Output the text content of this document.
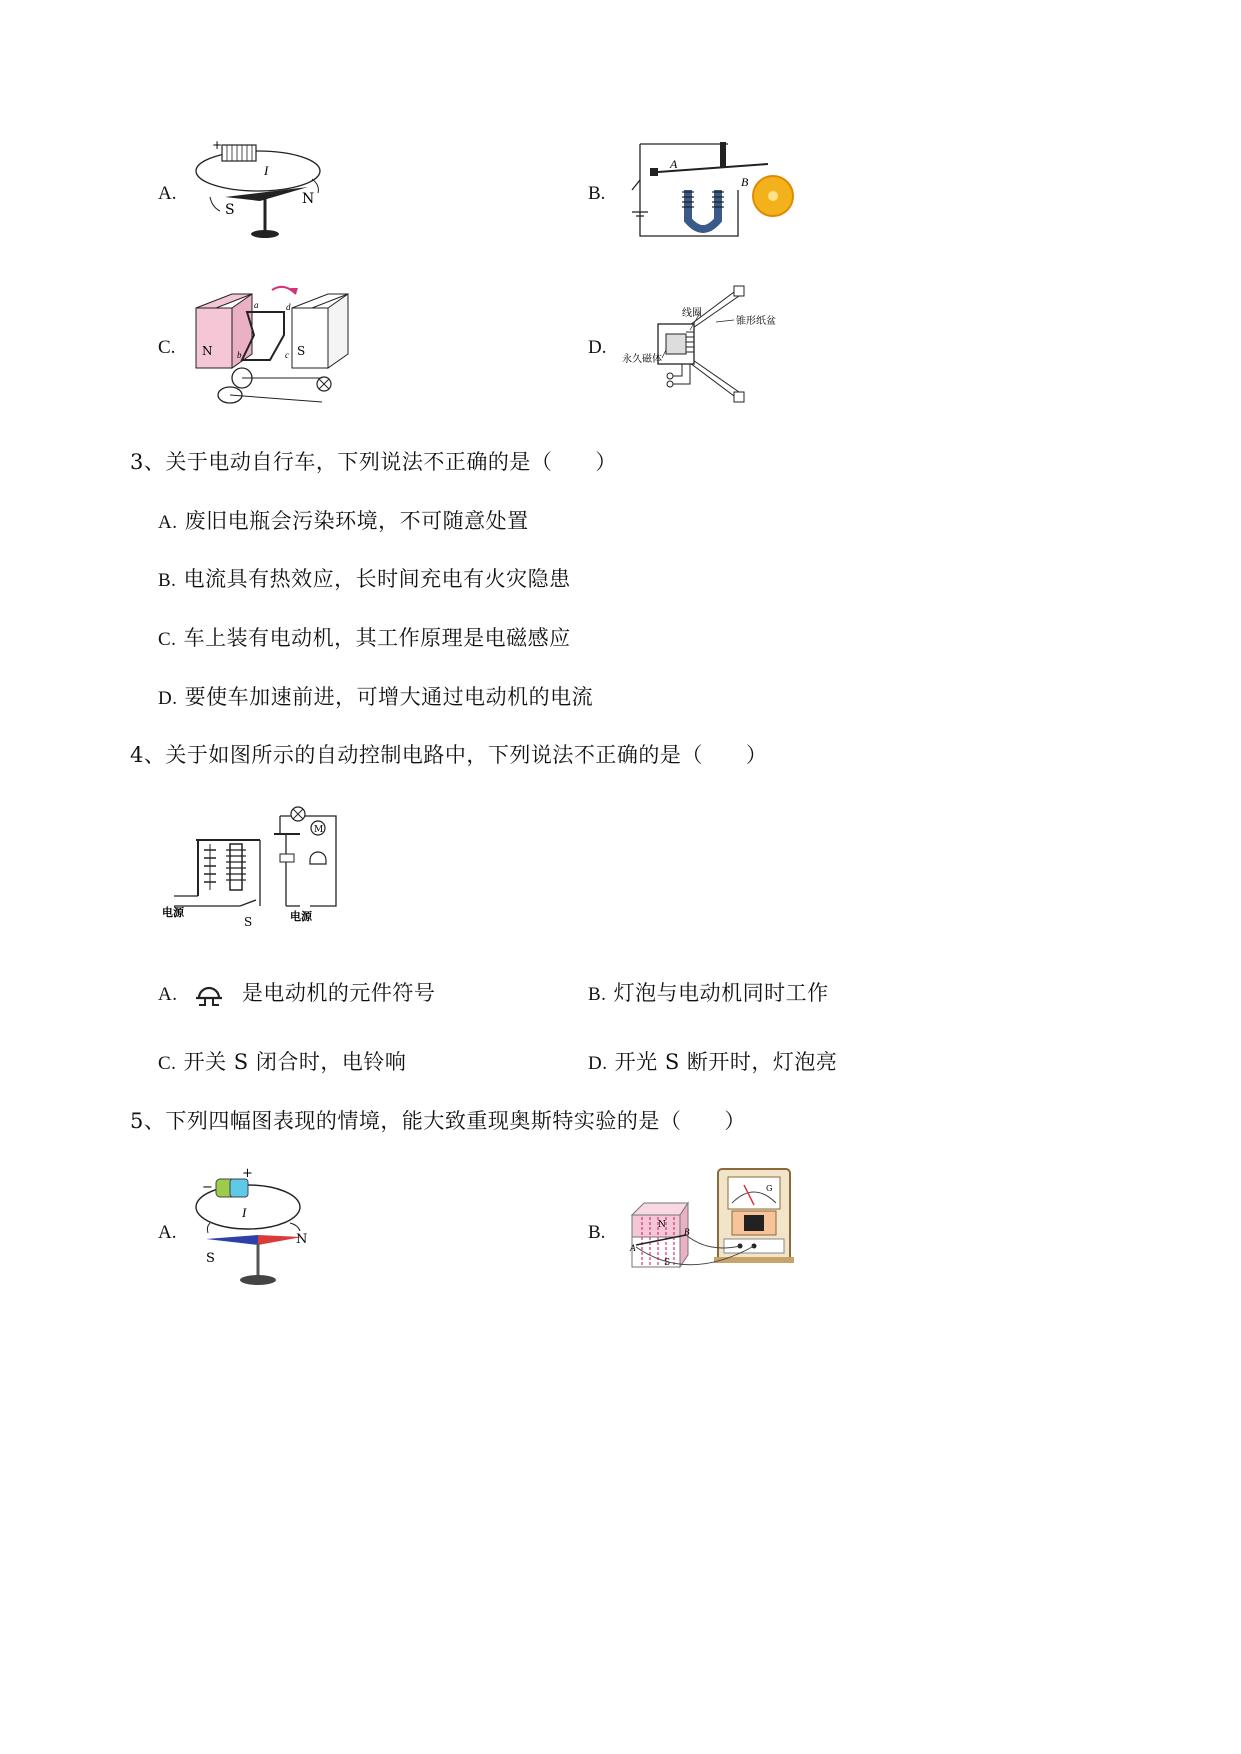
A.	B.
C.	D.
+
I
S
N
A
B
N	S
a
b	c
d
线圈
锥形纸盆
永久磁体
3、关于电动自行车，下列说法不正确的是（　　）
A. 废旧电瓶会污染环境，不可随意处置
B. 电流具有热效应，长时间充电有火灾隐患
C. 车上装有电动机，其工作原理是电磁感应
D. 要使车加速前进，可增大通过电动机的电流
4、关于如图所示的自动控制电路中，下列说法不正确的是（　　）
电源
S
M
电源
A.	是电动机的元件符号	B. 灯泡与电动机同时工作
C. 开关 S 闭合时，电铃响	D. 开光 S 断开时，灯泡亮
5、下列四幅图表现的情境，能大致重现奥斯特实验的是（　　）
A.	B.
+
−
I
S
N
G
N
S
A
B
